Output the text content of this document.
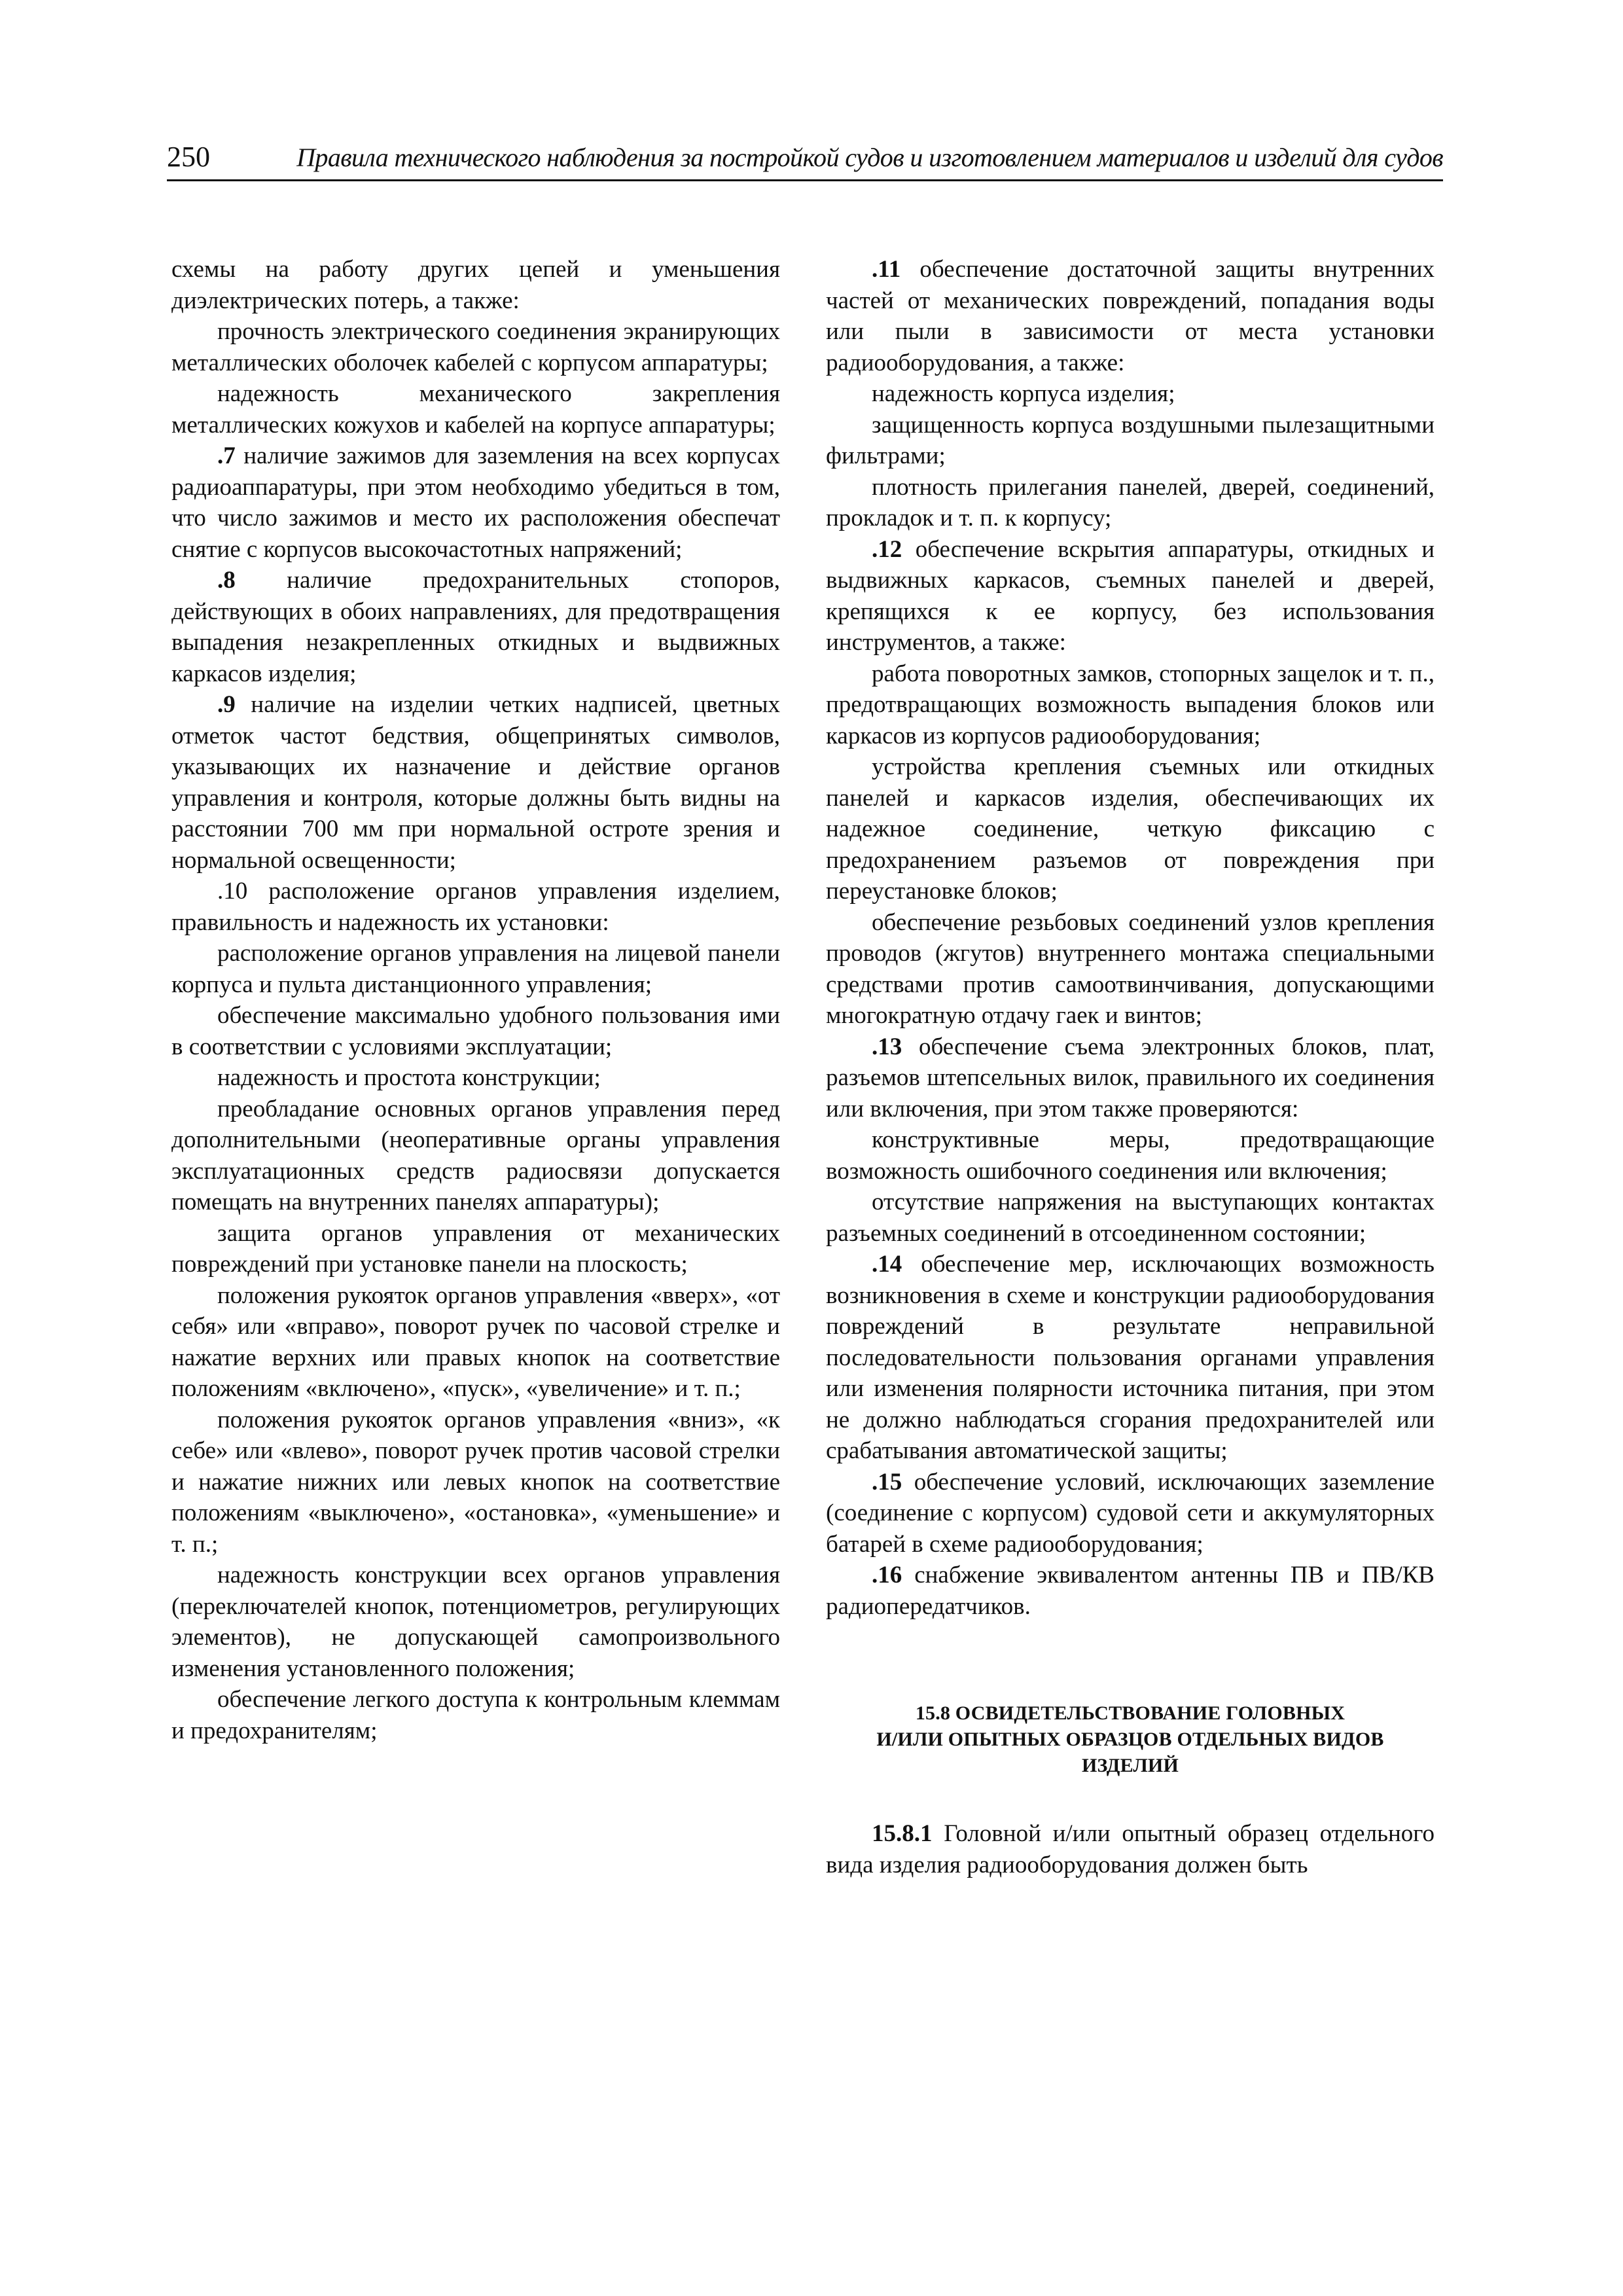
250	Правила технического наблюдения за постройкой судов и изготовлением материалов и изделий для судов

схемы на работу других цепей и уменьшения диэлектрических потерь, а также:

прочность электрического соединения экранирующих металлических оболочек кабелей с корпусом аппаратуры;

надежность механического закрепления металлических кожухов и кабелей на корпусе аппаратуры;

.7 наличие зажимов для заземления на всех корпусах радиоаппаратуры, при этом необходимо убедиться в том, что число зажимов и место их расположения обеспечат снятие с корпусов высокочастотных напряжений;

.8 наличие предохранительных стопоров, действующих в обоих направлениях, для предотвращения выпадения незакрепленных откидных и выдвижных каркасов изделия;

.9 наличие на изделии четких надписей, цветных отметок частот бедствия, общепринятых символов, указывающих их назначение и действие органов управления и контроля, которые должны быть видны на расстоянии 700 мм при нормальной остроте зрения и нормальной освещенности;

.10 расположение органов управления изделием, правильность и надежность их установки:

расположение органов управления на лицевой панели корпуса и пульта дистанционного управления;

обеспечение максимально удобного пользования ими в соответствии с условиями эксплуатации;

надежность и простота конструкции;

преобладание основных органов управления перед дополнительными (неоперативные органы управления эксплуатационных средств радиосвязи допускается помещать на внутренних панелях аппаратуры);

защита органов управления от механических повреждений при установке панели на плоскость;

положения рукояток органов управления «вверх», «от себя» или «вправо», поворот ручек по часовой стрелке и нажатие верхних или правых кнопок на соответствие положениям «включено», «пуск», «увеличение» и т. п.;

положения рукояток органов управления «вниз», «к себе» или «влево», поворот ручек против часовой стрелки и нажатие нижних или левых кнопок на соответствие положениям «выключено», «остановка», «уменьшение» и т. п.;

надежность конструкции всех органов управления (переключателей кнопок, потенциометров, регулирующих элементов), не допускающей самопроизвольного изменения установленного положения;

обеспечение легкого доступа к контрольным клеммам и предохранителям;

.11 обеспечение достаточной защиты внутренних частей от механических повреждений, попадания воды или пыли в зависимости от места установки радиооборудования, а также:

надежность корпуса изделия;

защищенность корпуса воздушными пылезащитными фильтрами;

плотность прилегания панелей, дверей, соединений, прокладок и т. п. к корпусу;

.12 обеспечение вскрытия аппаратуры, откидных и выдвижных каркасов, съемных панелей и дверей, крепящихся к ее корпусу, без использования инструментов, а также:

работа поворотных замков, стопорных защелок и т. п., предотвращающих возможность выпадения блоков или каркасов из корпусов радиооборудования;

устройства крепления съемных или откидных панелей и каркасов изделия, обеспечивающих их надежное соединение, четкую фиксацию с предохранением разъемов от повреждения при переустановке блоков;

обеспечение резьбовых соединений узлов крепления проводов (жгутов) внутреннего монтажа специальными средствами против самоотвинчивания, допускающими многократную отдачу гаек и винтов;

.13 обеспечение съема электронных блоков, плат, разъемов штепсельных вилок, правильного их соединения или включения, при этом также проверяются:

конструктивные меры, предотвращающие возможность ошибочного соединения или включения;

отсутствие напряжения на выступающих контактах разъемных соединений в отсоединенном состоянии;

.14 обеспечение мер, исключающих возможность возникновения в схеме и конструкции радиооборудования повреждений в результате неправильной последовательности пользования органами управления или изменения полярности источника питания, при этом не должно наблюдаться сгорания предохранителей или срабатывания автоматической защиты;

.15 обеспечение условий, исключающих заземление (соединение с корпусом) судовой сети и аккумуляторных батарей в схеме радиооборудования;

.16 снабжение эквивалентом антенны ПВ и ПВ/КВ радиопередатчиков.

15.8 ОСВИДЕТЕЛЬСТВОВАНИЕ ГОЛОВНЫХ
И/ИЛИ ОПЫТНЫХ ОБРАЗЦОВ ОТДЕЛЬНЫХ ВИДОВ ИЗДЕЛИЙ

15.8.1 Головной и/или опытный образец отдельного вида изделия радиооборудования должен быть
